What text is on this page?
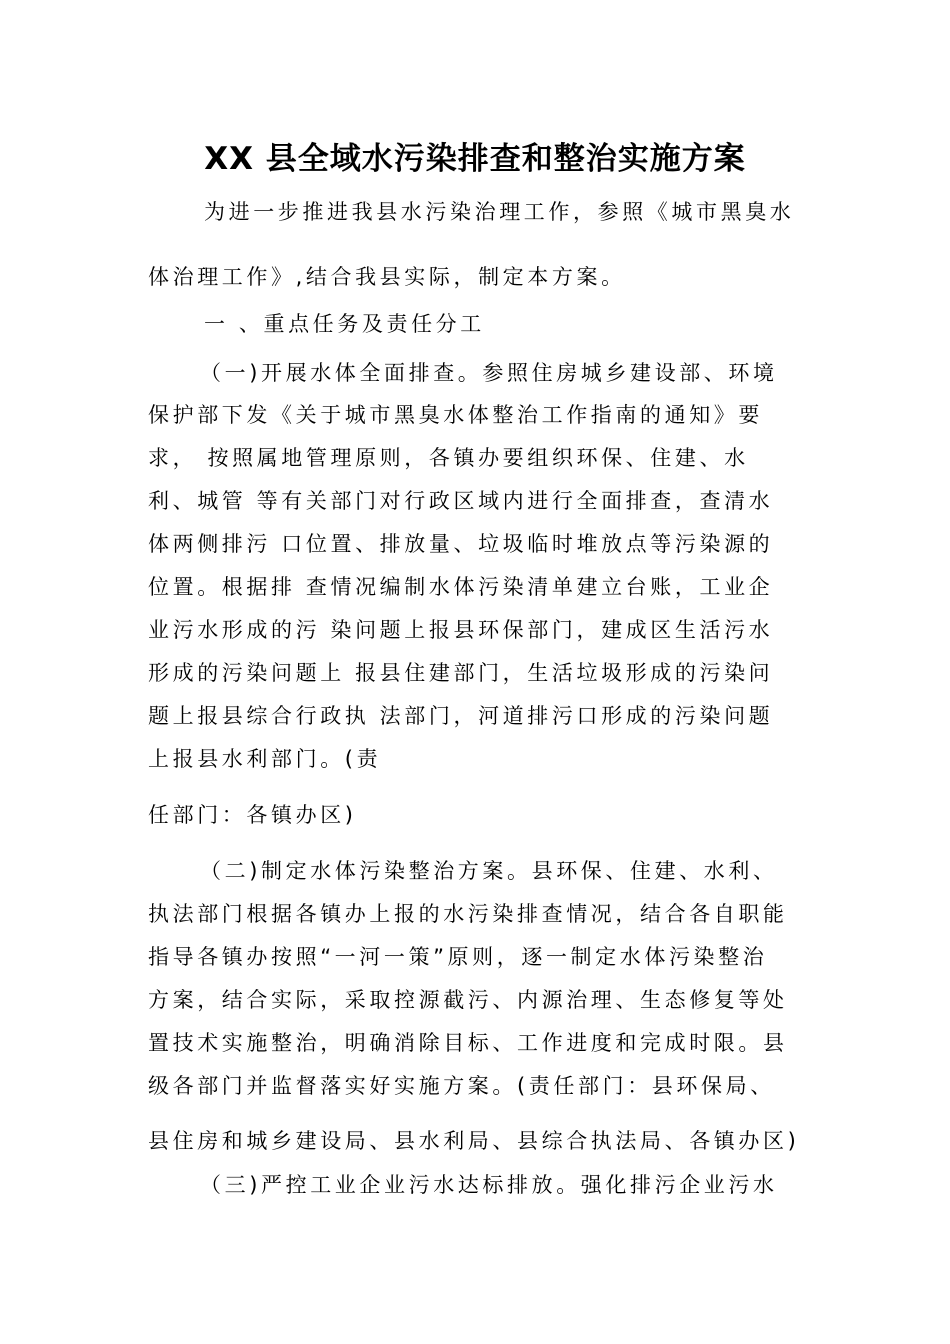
XX 县全域水污染排查和整治实施方案
为进一步推进我县水污染治理工作，参照《城市黑臭水
体治理工作》,结合我县实际，制定本方案。
一 、重点任务及责任分工
（一)开展水体全面排查。参照住房城乡建设部、环境
保护部下发《关于城市黑臭水体整治工作指南的通知》要
求， 按照属地管理原则，各镇办要组织环保、住建、水
利、城管 等有关部门对行政区域内进行全面排查，查清水
体两侧排污 口位置、排放量、垃圾临时堆放点等污染源的
位置。根据排 查情况编制水体污染清单建立台账，工业企
业污水形成的污 染问题上报县环保部门，建成区生活污水
形成的污染问题上 报县住建部门，生活垃圾形成的污染问
题上报县综合行政执 法部门，河道排污口形成的污染问题
上报县水利部门。(责
任部门：各镇办区)
（二)制定水体污染整治方案。县环保、住建、水利、
执法部门根据各镇办上报的水污染排查情况，结合各自职能
指导各镇办按照“一河一策”原则，逐一制定水体污染整治
方案，结合实际，采取控源截污、内源治理、生态修复等处
置技术实施整治，明确消除目标、工作进度和完成时限。县
级各部门并监督落实好实施方案。(责任部门：县环保局、
县住房和城乡建设局、县水利局、县综合执法局、各镇办区)
（三)严控工业企业污水达标排放。强化排污企业污水
